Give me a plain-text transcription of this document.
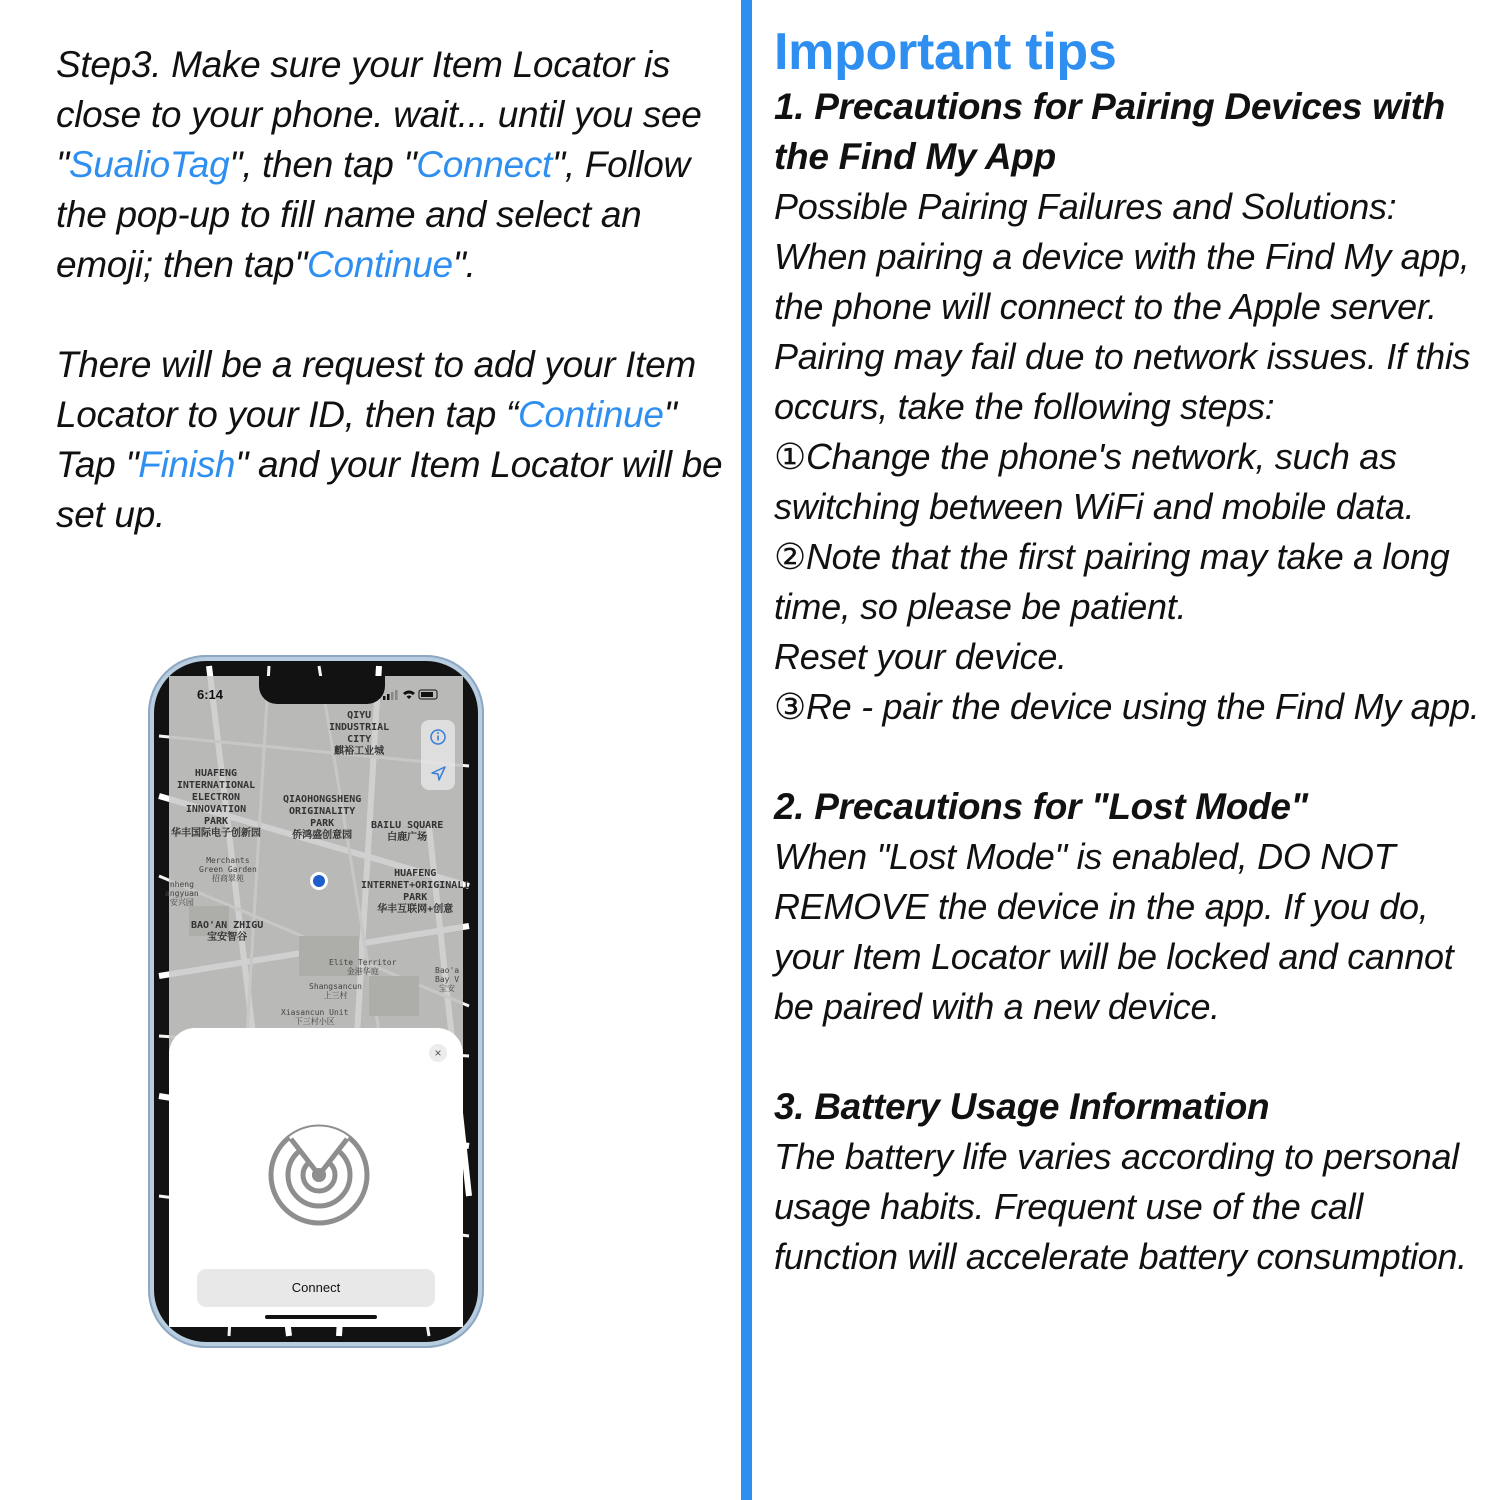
Step3. Make sure your Item Locator is close to your phone. wait... until you see "SualioTag", then tap "Connect", Follow the pop-up to fill name and select an emoji; then tap"Continue".

There will be a request to add your Item Locator to your ID, then tap “Continue" Tap "Finish" and your Item Locator will be set up.

QIYU
INDUSTRIAL
CITY
麒裕工业城
HUAFENG
INTERNATIONAL
ELECTRON
INNOVATION
PARK
华丰国际电子创新园
QIAOHONGSHENG
ORIGINALITY
PARK
侨鸿盛创意园
BAILU SQUARE
白鹿广场
HUAFENG
INTERNET+ORIGINALI
PARK
华丰互联网+创意
BAO'AN ZHIGU
宝安智谷
Merchants
Green Garden
招商翠苑
Elite Territor
金港华庭
Shangsancun
上三村
Xiasancun Unit
下三村小区
Bao'a
Bay V
宝安
nheng
angyuan
安兴园
6:14
×
Connect
Important tips

1. Precautions for Pairing Devices with the Find My App

Possible Pairing Failures and Solutions:

When pairing a device with the Find My app, the phone will connect to the Apple server. Pairing may fail due to network issues. If this occurs, take the following steps:

①Change the phone's network, such as switching between WiFi and mobile data.

②Note that the first pairing may take a long time, so please be patient.

Reset your device.

③Re - pair the device using the Find My app.

2. Precautions for "Lost Mode"

When "Lost Mode" is enabled, DO NOT REMOVE the device in the app. If you do, your Item Locator will be locked and cannot be paired with a new device.

3. Battery Usage Information

The battery life varies according to personal usage habits. Frequent use of the call function will accelerate battery consumption.
